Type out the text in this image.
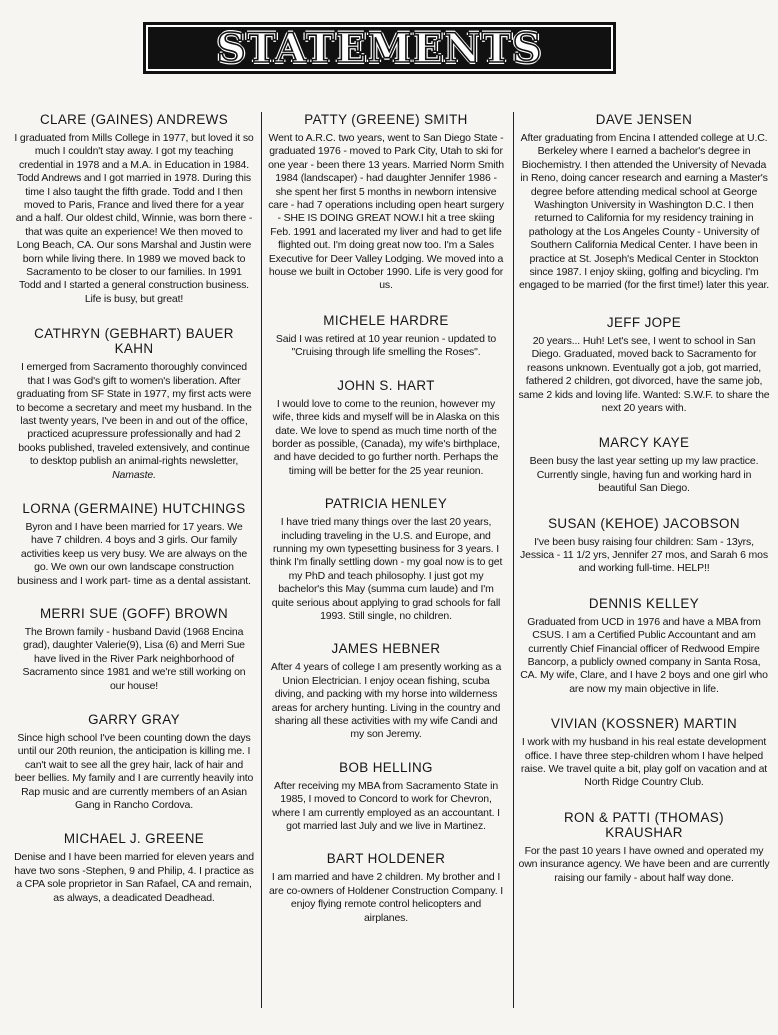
STATEMENTS
CLARE (GAINES) ANDREWS

I graduated from Mills College in 1977, but loved it so much I couldn't stay away. I got my teaching credential in 1978 and a M.A. in Education in 1984. Todd Andrews and I got married in 1978. During this time I also taught the fifth grade. Todd and I then moved to Paris, France and lived there for a year and a half. Our oldest child, Winnie, was born there - that was quite an experience! We then moved to Long Beach, CA. Our sons Marshal and Justin were born while living there. In 1989 we moved back to Sacramento to be closer to our families. In 1991 Todd and I started a general construction business. Life is busy, but great!

CATHRYN (GEBHART) BAUER KAHN

I emerged from Sacramento thoroughly convinced that I was God's gift to women's liberation. After graduating from SF State in 1977, my first acts were to become a secretary and meet my husband. In the last twenty years, I've been in and out of the office, practiced acupressure professionally and had 2 books published, traveled extensively, and continue to desktop publish an animal-rights newsletter, Namaste.

LORNA (GERMAINE) HUTCHINGS

Byron and I have been married for 17 years. We have 7 children. 4 boys and 3 girls. Our family activities keep us very busy. We are always on the go. We own our own landscape construction business and I work part- time as a dental assistant.

MERRI SUE (GOFF) BROWN

The Brown family - husband David (1968 Encina grad), daughter Valerie(9), Lisa (6) and Merri Sue have lived in the River Park neighborhood of Sacramento since 1981 and we're still working on our house!

GARRY GRAY

Since high school I've been counting down the days until our 20th reunion, the anticipation is killing me. I can't wait to see all the grey hair, lack of hair and beer bellies. My family and I are currently heavily into Rap music and are currently members of an Asian Gang in Rancho Cordova.

MICHAEL J. GREENE

Denise and I have been married for eleven years and have two sons -Stephen, 9 and Philip, 4. I practice as a CPA sole proprietor in San Rafael, CA and remain, as always, a deadicated Deadhead.

PATTY (GREENE) SMITH

Went to A.R.C. two years, went to San Diego State - graduated 1976 - moved to Park City, Utah to ski for one year - been there 13 years. Married Norm Smith 1984 (landscaper) - had daughter Jennifer 1986 - she spent her first 5 months in newborn intensive care - had 7 operations including open heart surgery - SHE IS DOING GREAT NOW.I hit a tree skiing Feb. 1991 and lacerated my liver and had to get life flighted out. I'm doing great now too. I'm a Sales Executive for Deer Valley Lodging. We moved into a house we built in October 1990. Life is very good for us.

MICHELE HARDRE

Said I was retired at 10 year reunion - updated to "Cruising through life smelling the Roses".

JOHN S. HART

I would love to come to the reunion, however my wife, three kids and myself will be in Alaska on this date. We love to spend as much time north of the border as possible, (Canada), my wife's birthplace, and have decided to go further north. Perhaps the timing will be better for the 25 year reunion.

PATRICIA HENLEY

I have tried many things over the last 20 years, including traveling in the U.S. and Europe, and running my own typesetting business for 3 years. I think I'm finally settling down - my goal now is to get my PhD and teach philosophy. I just got my bachelor's this May (summa cum laude) and I'm quite serious about applying to grad schools for fall 1993. Still single, no children.

JAMES HEBNER

After 4 years of college I am presently working as a Union Electrician. I enjoy ocean fishing, scuba diving, and packing with my horse into wilderness areas for archery hunting. Living in the country and sharing all these activities with my wife Candi and my son Jeremy.

BOB HELLING

After receiving my MBA from Sacramento State in 1985, I moved to Concord to work for Chevron, where I am currently employed as an accountant. I got married last July and we live in Martinez.

BART HOLDENER

I am married and have 2 children. My brother and I are co-owners of Holdener Construction Company. I enjoy flying remote control helicopters and airplanes.

DAVE JENSEN

After graduating from Encina I attended college at U.C. Berkeley where I earned a bachelor's degree in Biochemistry. I then attended the University of Nevada in Reno, doing cancer research and earning a Master's degree before attending medical school at George Washington University in Washington D.C. I then returned to California for my residency training in pathology at the Los Angeles County - University of Southern California Medical Center. I have been in practice at St. Joseph's Medical Center in Stockton since 1987. I enjoy skiing, golfing and bicycling. I'm engaged to be married (for the first time!) later this year.

JEFF JOPE

20 years... Huh! Let's see, I went to school in San Diego. Graduated, moved back to Sacramento for reasons unknown. Eventually got a job, got married, fathered 2 children, got divorced, have the same job, same 2 kids and loving life. Wanted: S.W.F. to share the next 20 years with.

MARCY KAYE

Been busy the last year setting up my law practice. Currently single, having fun and working hard in beautiful San Diego.

SUSAN (KEHOE) JACOBSON

I've been busy raising four children: Sam - 13yrs, Jessica - 11 1/2 yrs, Jennifer 27 mos, and Sarah 6 mos and working full-time. HELP!!

DENNIS KELLEY

Graduated from UCD in 1976 and have a MBA from CSUS. I am a Certified Public Accountant and am currently Chief Financial officer of Redwood Empire Bancorp, a publicly owned company in Santa Rosa, CA. My wife, Clare, and I have 2 boys and one girl who are now my main objective in life.

VIVIAN (KOSSNER) MARTIN

I work with my husband in his real estate development office. I have three step-children whom I have helped raise. We travel quite a bit, play golf on vacation and at North Ridge Country Club.

RON & PATTI (THOMAS) KRAUSHAR

For the past 10 years I have owned and operated my own insurance agency. We have been and are currently raising our family - about half way done.
